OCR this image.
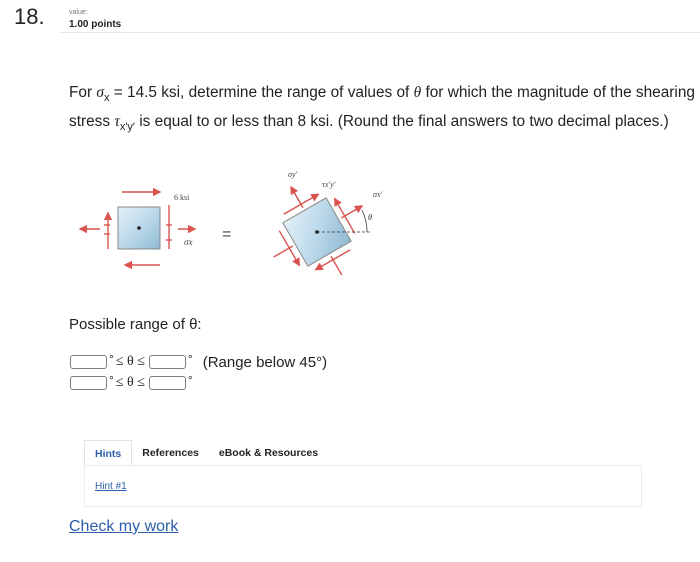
18.	value:
1.00 points
For $\sigma_x = 14.5$ ksi, determine the range of values of θ for which the magnitude of the shearing stress $\tau_{x'y'}$ is equal to or less than 8 ksi. (Round the final answers to two decimal places.)
6 ksi
σx =
σy′
τx′y′
σx′
θ
Possible range of θ:
° ≤ θ ≤	° (Range below 45°)
° ≤ θ ≤	°
Hints	References	eBook & Resources
Hint #1
Check my work
